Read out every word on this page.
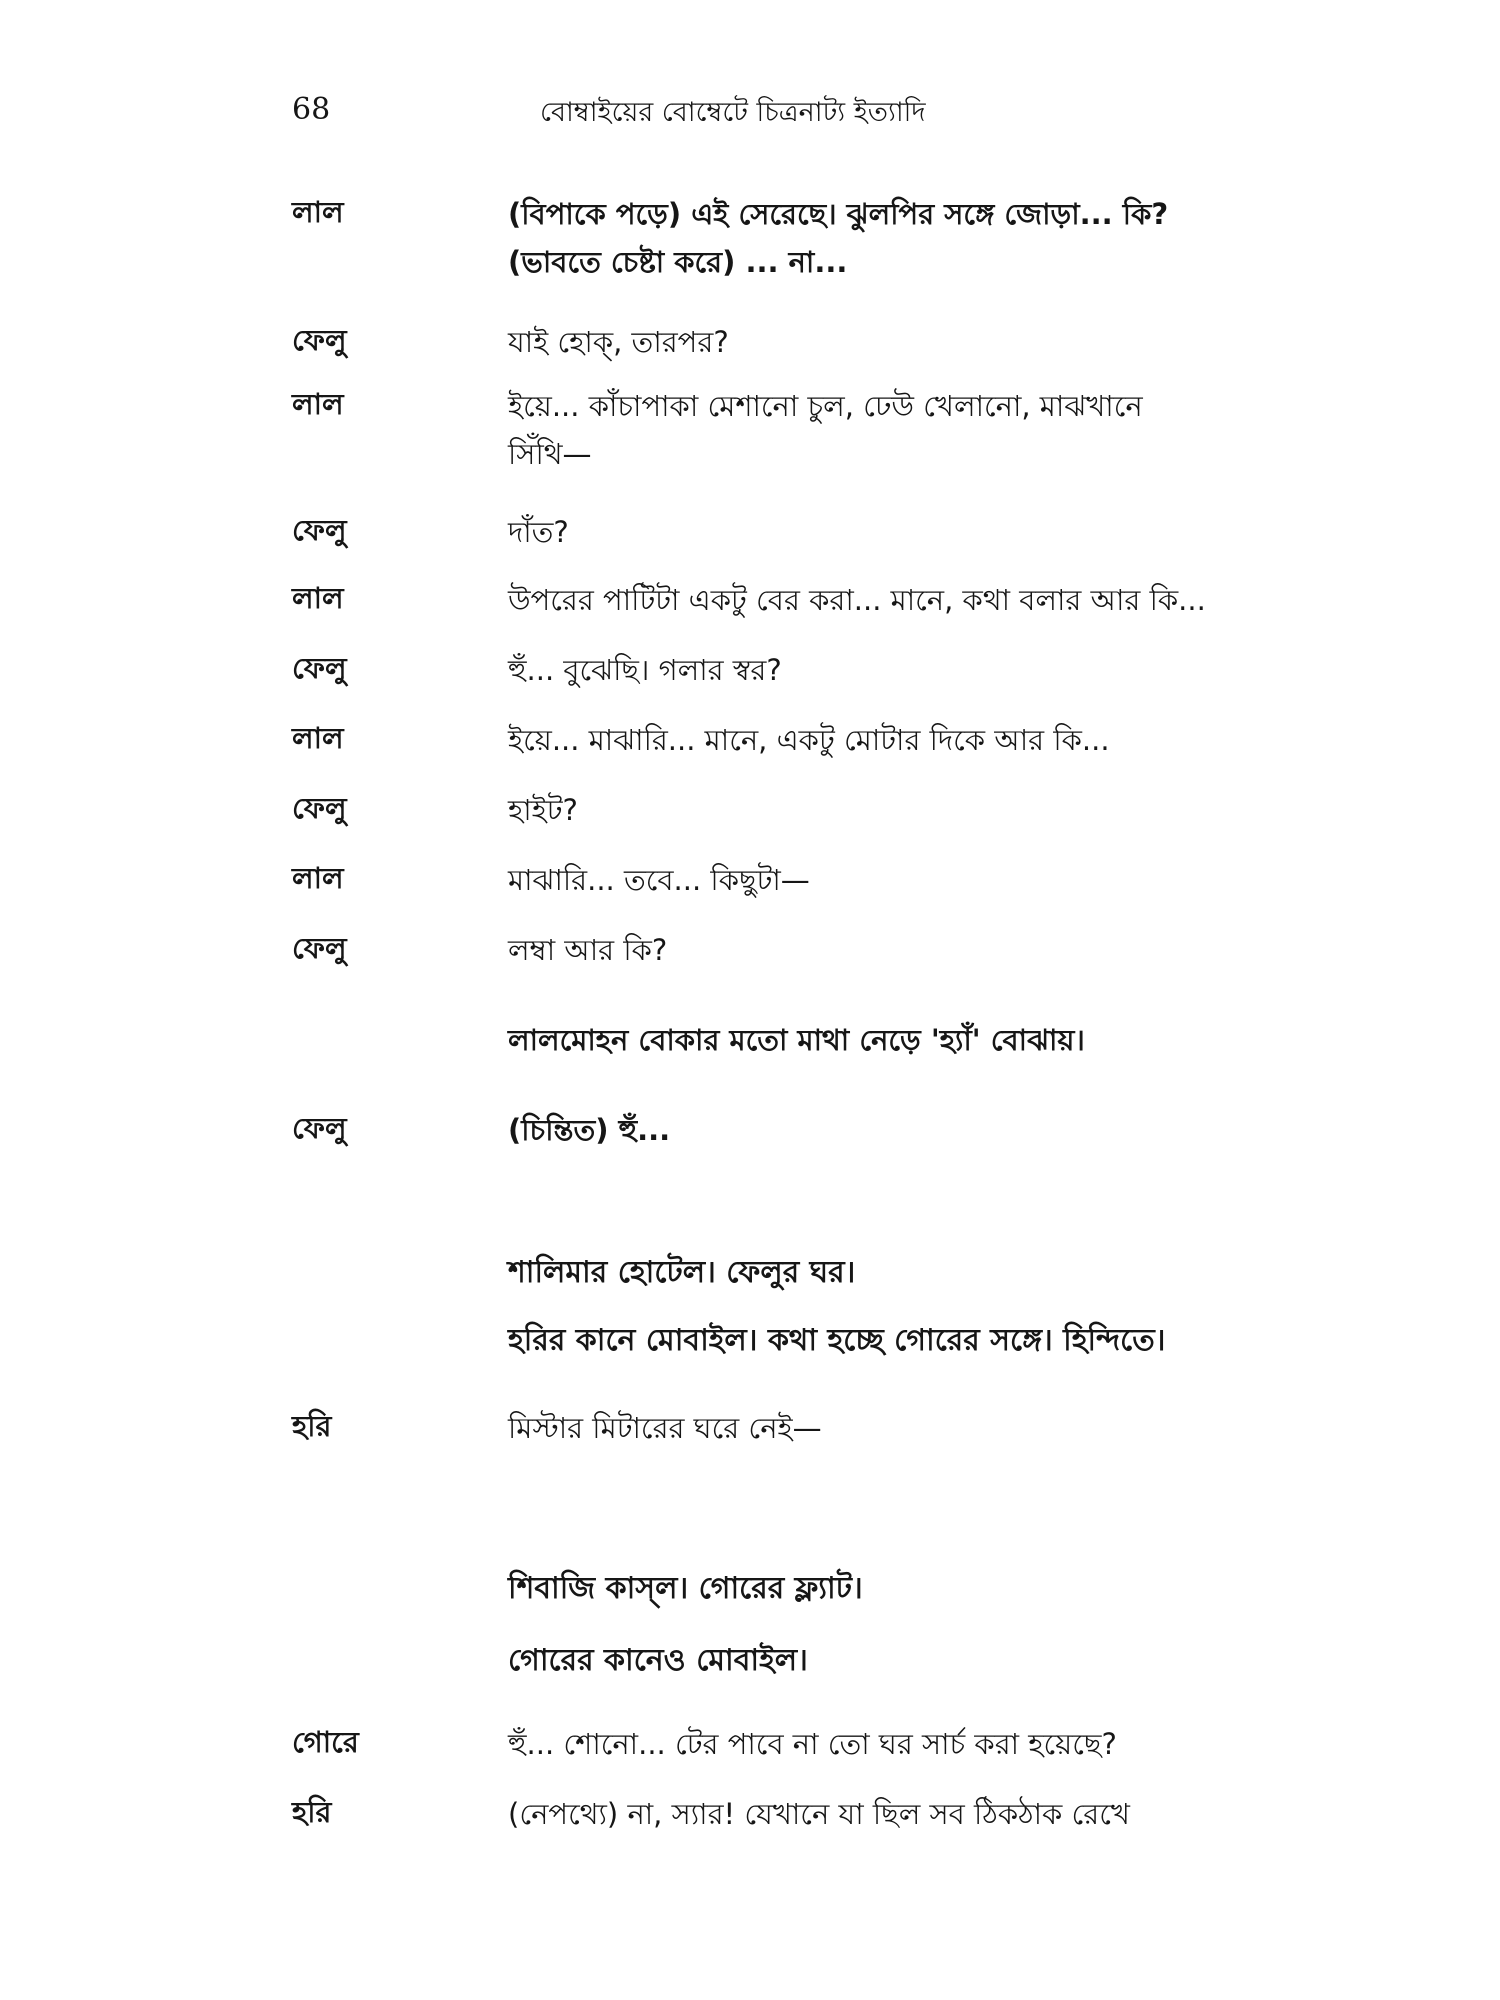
68	বোম্বাইয়ের বোম্বেটে চিত্রনাট্য ইত্যাদি
লাল	(বিপাকে পড়ে) এই সেরেছে। ঝুলপির সঙ্গে জোড়া... কি?
(ভাবতে চেষ্টা করে) ... না...
ফেলু	যাই হোক্, তারপর?
লাল	ইয়ে... কাঁচাপাকা মেশানো চুল, ঢেউ খেলানো, মাঝখানে
সিঁথি—
ফেলু	দাঁত?
লাল	উপরের পাটিটা একটু বের করা... মানে, কথা বলার আর কি...
ফেলু	হুঁ... বুঝেছি। গলার স্বর?
লাল	ইয়ে... মাঝারি... মানে, একটু মোটার দিকে আর কি...
ফেলু	হাইট?
লাল	মাঝারি... তবে... কিছুটা—
ফেলু	লম্বা আর কি?
লালমোহন বোকার মতো মাথা নেড়ে 'হ্যাঁ' বোঝায়।
ফেলু	(চিন্তিত) হুঁ...
শালিমার হোটেল। ফেলুর ঘর।
হরির কানে মোবাইল। কথা হচ্ছে গোরের সঙ্গে। হিন্দিতে।
হরি	মিস্টার মিটারের ঘরে নেই—
শিবাজি কাস্‌ল। গোরের ফ্ল্যাট।
গোরের কানেও মোবাইল।
গোরে	হুঁ... শোনো... টের পাবে না তো ঘর সার্চ করা হয়েছে?
হরি	(নেপথ্যে) না, স্যার! যেখানে যা ছিল সব ঠিকঠাক রেখে
